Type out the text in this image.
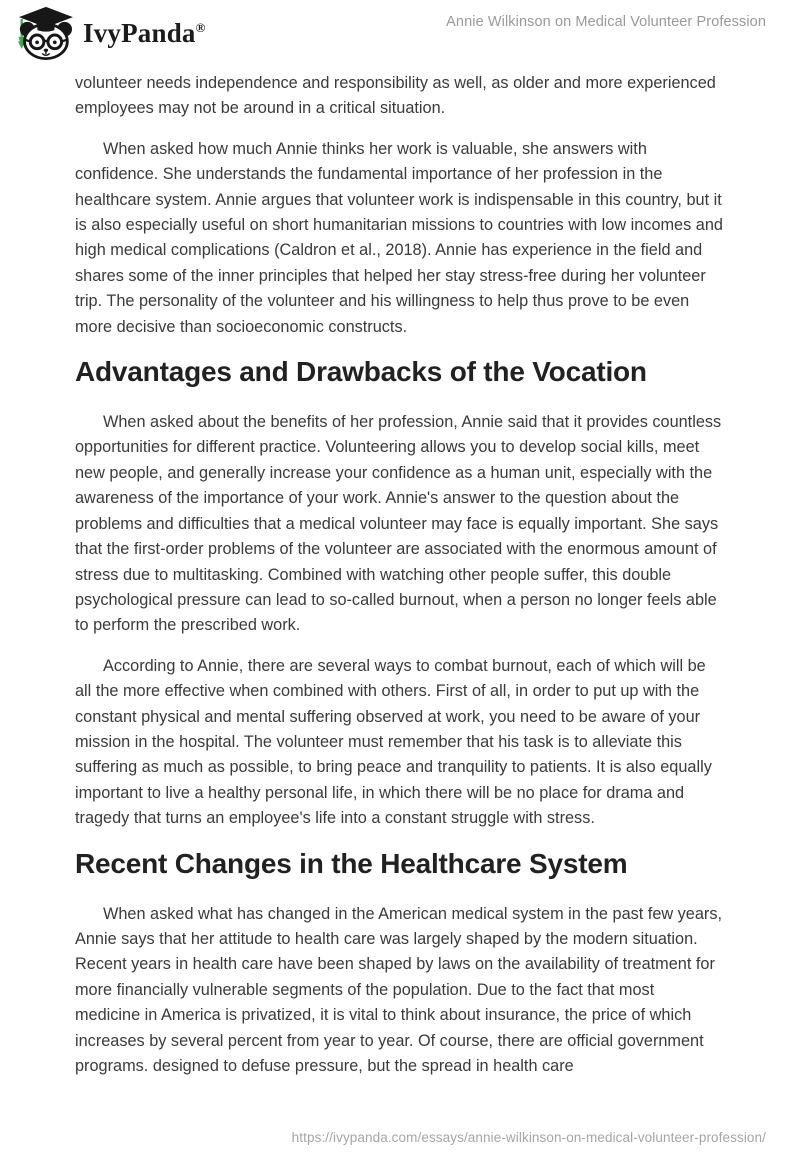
IvyPanda®	Annie Wilkinson on Medical Volunteer Profession

volunteer needs independence and responsibility as well, as older and more experienced employees may not be around in a critical situation.

When asked how much Annie thinks her work is valuable, she answers with confidence. She understands the fundamental importance of her profession in the healthcare system. Annie argues that volunteer work is indispensable in this country, but it is also especially useful on short humanitarian missions to countries with low incomes and high medical complications (Caldron et al., 2018). Annie has experience in the field and shares some of the inner principles that helped her stay stress-free during her volunteer trip. The personality of the volunteer and his willingness to help thus prove to be even more decisive than socioeconomic constructs.

Advantages and Drawbacks of the Vocation

When asked about the benefits of her profession, Annie said that it provides countless opportunities for different practice. Volunteering allows you to develop social kills, meet new people, and generally increase your confidence as a human unit, especially with the awareness of the importance of your work. Annie's answer to the question about the problems and difficulties that a medical volunteer may face is equally important. She says that the first-order problems of the volunteer are associated with the enormous amount of stress due to multitasking. Combined with watching other people suffer, this double psychological pressure can lead to so-called burnout, when a person no longer feels able to perform the prescribed work.

According to Annie, there are several ways to combat burnout, each of which will be all the more effective when combined with others. First of all, in order to put up with the constant physical and mental suffering observed at work, you need to be aware of your mission in the hospital. The volunteer must remember that his task is to alleviate this suffering as much as possible, to bring peace and tranquility to patients. It is also equally important to live a healthy personal life, in which there will be no place for drama and tragedy that turns an employee's life into a constant struggle with stress.

Recent Changes in the Healthcare System

When asked what has changed in the American medical system in the past few years, Annie says that her attitude to health care was largely shaped by the modern situation. Recent years in health care have been shaped by laws on the availability of treatment for more financially vulnerable segments of the population. Due to the fact that most medicine in America is privatized, it is vital to think about insurance, the price of which increases by several percent from year to year. Of course, there are official government programs. designed to defuse pressure, but the spread in health care

https://ivypanda.com/essays/annie-wilkinson-on-medical-volunteer-profession/
